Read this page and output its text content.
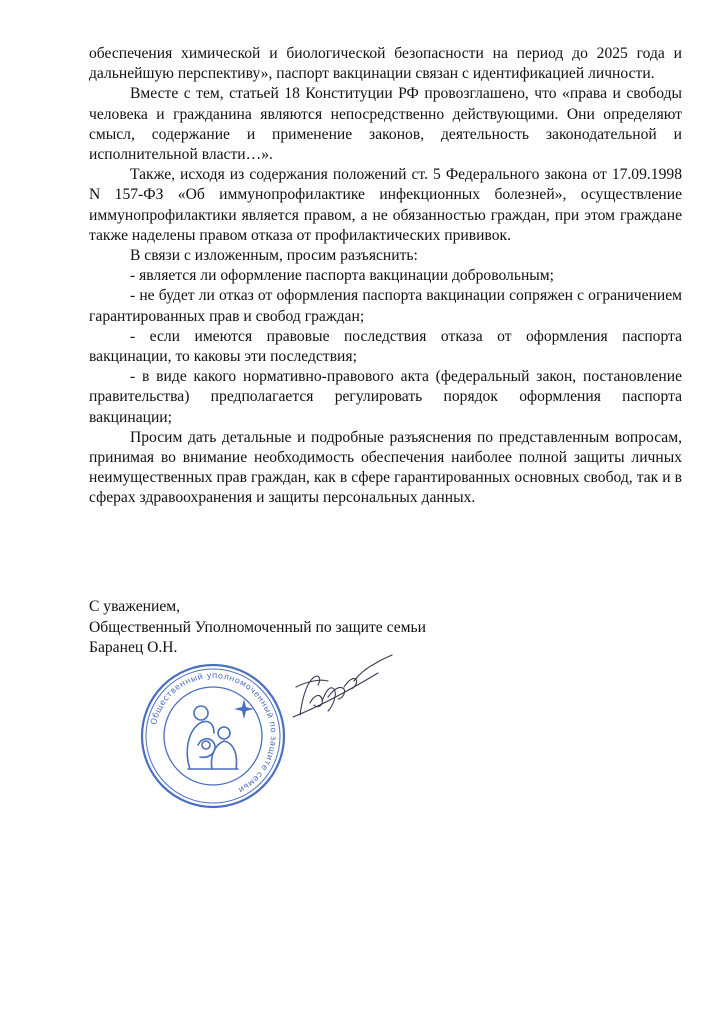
обеспечения химической и биологической безопасности на период до 2025 года и дальнейшую перспективу», паспорт вакцинации связан с идентификацией личности.

Вместе с тем, статьей 18 Конституции РФ провозглашено, что «права и свободы человека и гражданина являются непосредственно действующими. Они определяют смысл, содержание и применение законов, деятельность законодательной и исполнительной власти…».

Также, исходя из содержания положений ст. 5 Федерального закона от 17.09.1998 N 157-ФЗ «Об иммунопрофилактике инфекционных болезней», осуществление иммунопрофилактики является правом, а не обязанностью граждан, при этом граждане также наделены правом отказа от профилактических прививок.

В связи с изложенным, просим разъяснить:

- является ли оформление паспорта вакцинации добровольным;

- не будет ли отказ от оформления паспорта вакцинации сопряжен с ограничением гарантированных прав и свобод граждан;

- если имеются правовые последствия отказа от оформления паспорта вакцинации, то каковы эти последствия;

- в виде какого нормативно-правового акта (федеральный закон, постановление правительства) предполагается регулировать порядок оформления паспорта вакцинации;

Просим дать детальные и подробные разъяснения по представленным вопросам, принимая во внимание необходимость обеспечения наиболее полной защиты личных неимущественных прав граждан, как в сфере гарантированных основных свобод, так и в сферах здравоохранения и защиты персональных данных.

С уважением,
Общественный Уполномоченный по защите семьи
Баранец О.Н.
Общественный уполномоченный по защите семьи
